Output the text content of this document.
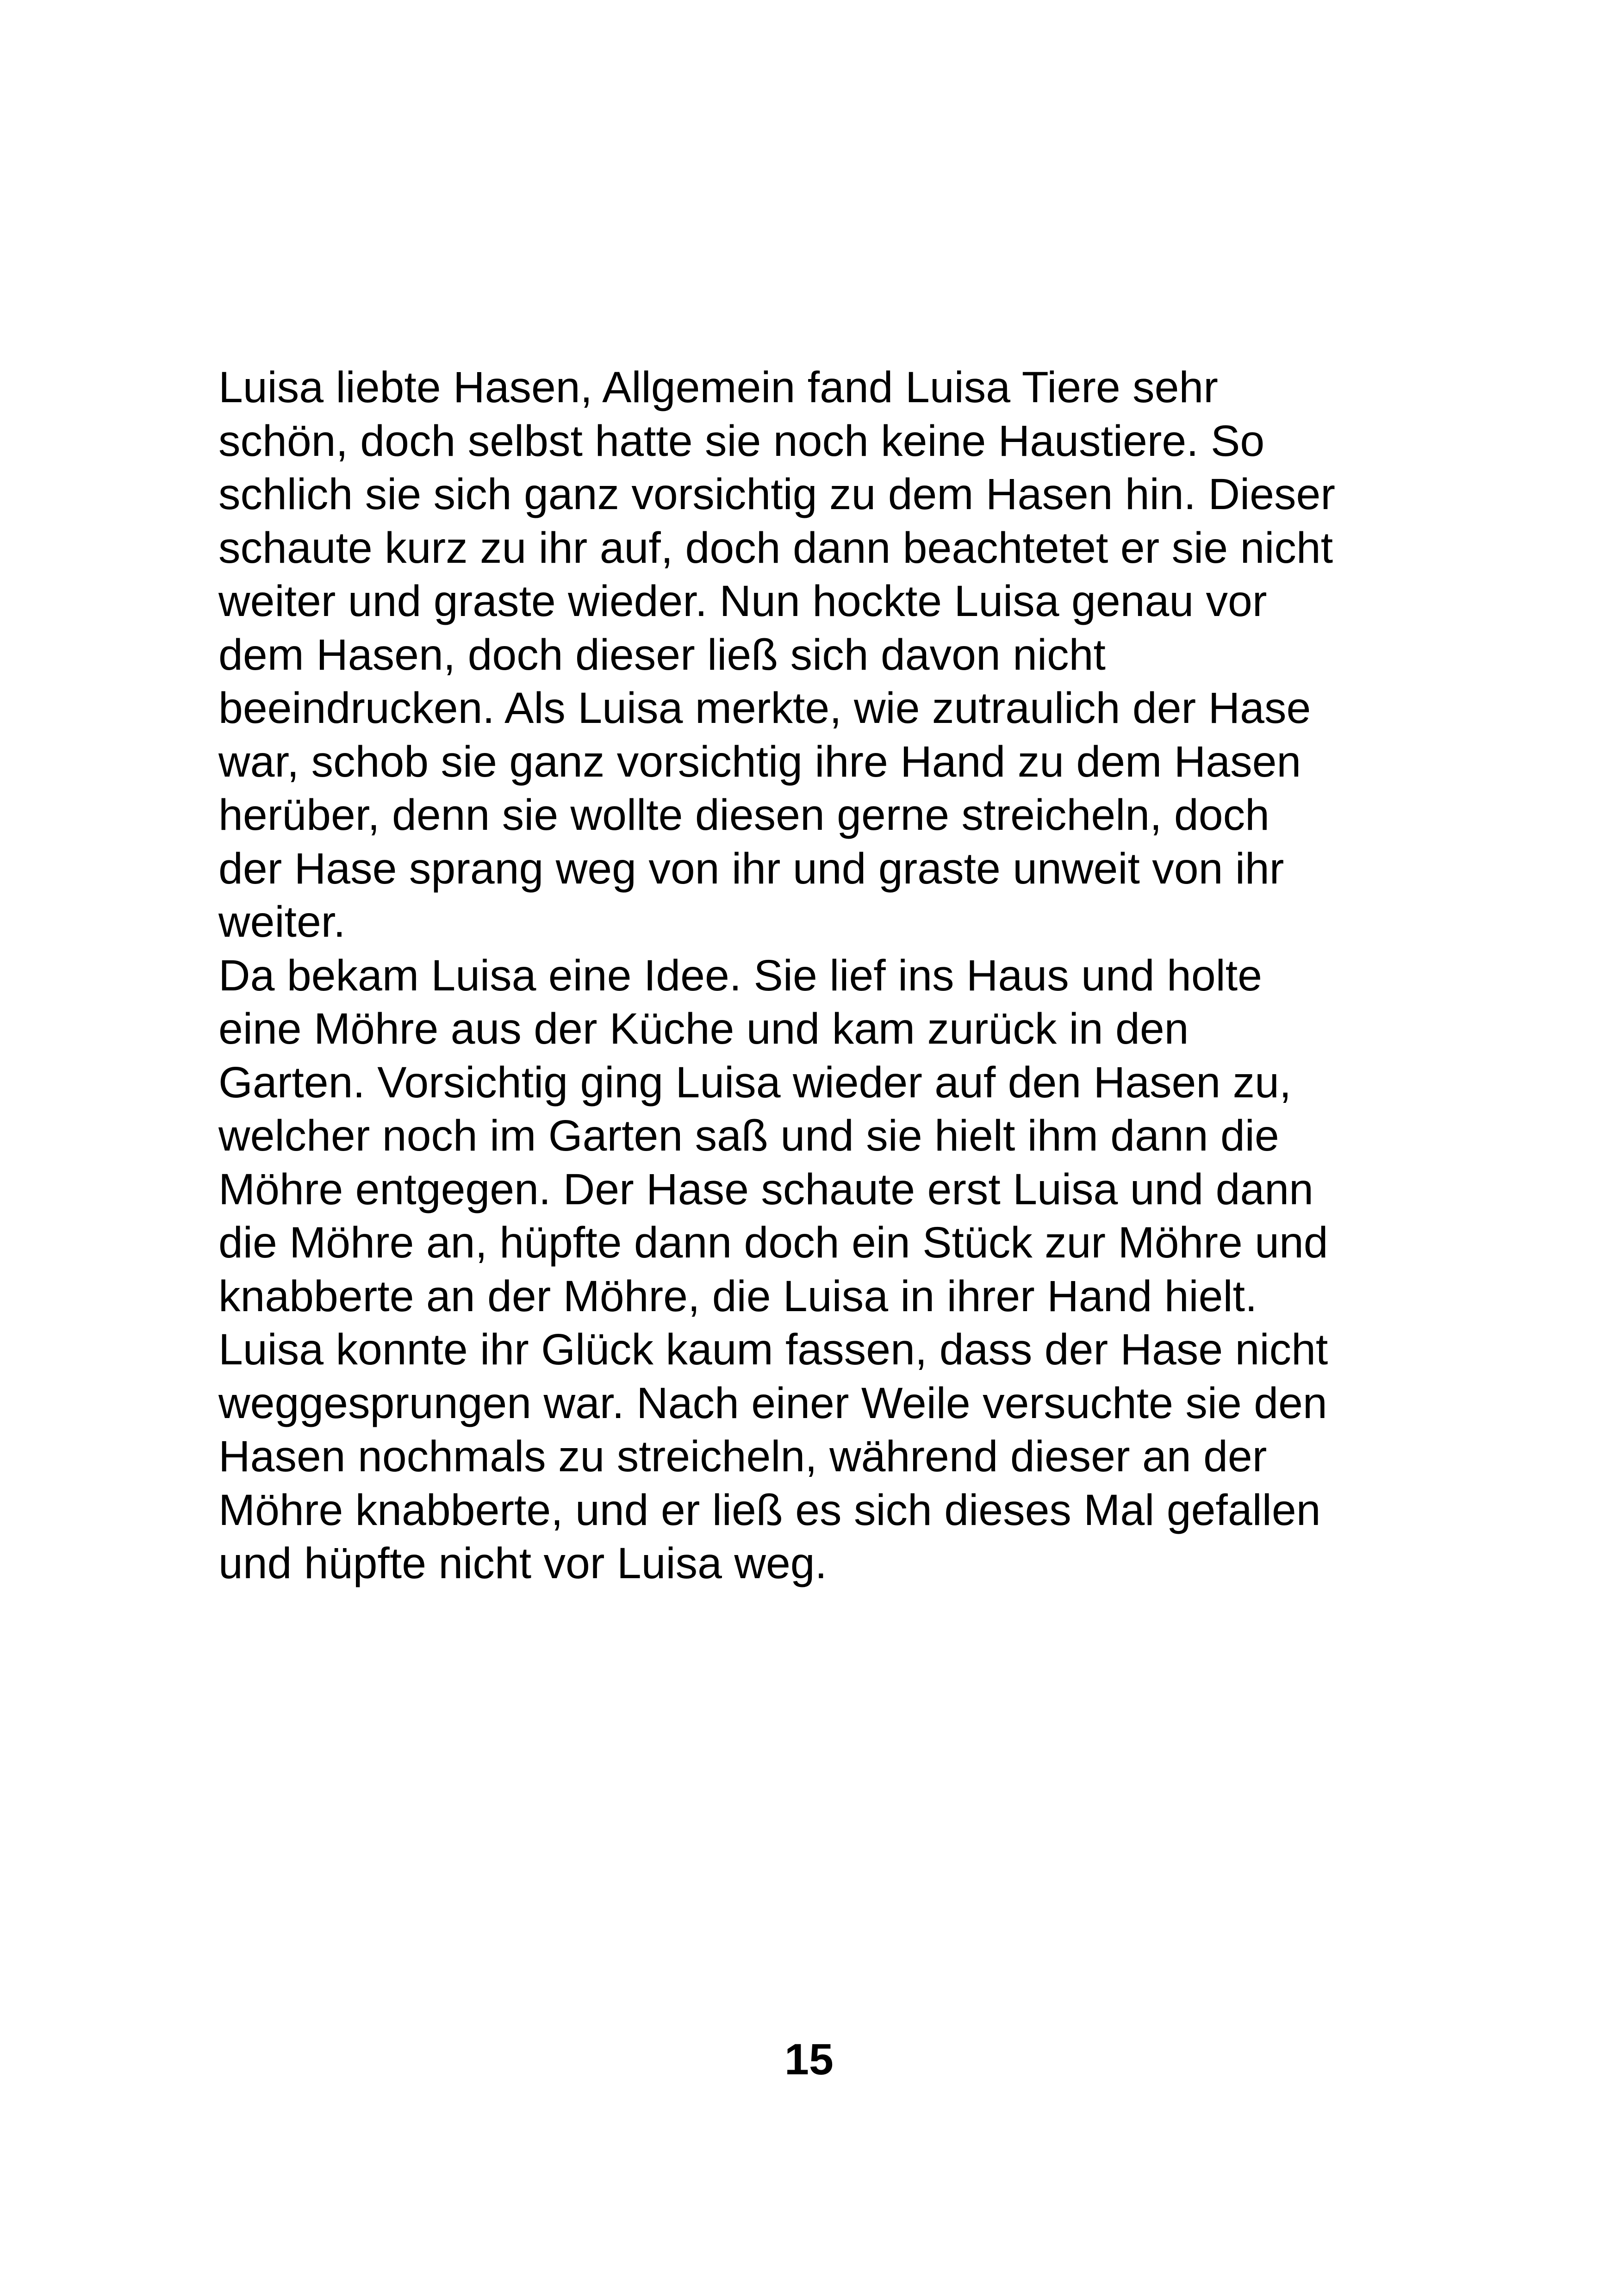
Luisa liebte Hasen, Allgemein fand Luisa Tiere sehr
schön, doch selbst hatte sie noch keine Haustiere. So
schlich sie sich ganz vorsichtig zu dem Hasen hin. Dieser
schaute kurz zu ihr auf, doch dann beachtetet er sie nicht
weiter und graste wieder. Nun hockte Luisa genau vor
dem Hasen, doch dieser ließ sich davon nicht
beeindrucken. Als Luisa merkte, wie zutraulich der Hase
war, schob sie ganz vorsichtig ihre Hand zu dem Hasen
herüber, denn sie wollte diesen gerne streicheln, doch
der Hase sprang weg von ihr und graste unweit von ihr
weiter.
Da bekam Luisa eine Idee. Sie lief ins Haus und holte
eine Möhre aus der Küche und kam zurück in den
Garten. Vorsichtig ging Luisa wieder auf den Hasen zu,
welcher noch im Garten saß und sie hielt ihm dann die
Möhre entgegen. Der Hase schaute erst Luisa und dann
die Möhre an, hüpfte dann doch ein Stück zur Möhre und
knabberte an der Möhre, die Luisa in ihrer Hand hielt.
Luisa konnte ihr Glück kaum fassen, dass der Hase nicht
weggesprungen war. Nach einer Weile versuchte sie den
Hasen nochmals zu streicheln, während dieser an der
Möhre knabberte, und er ließ es sich dieses Mal gefallen
und hüpfte nicht vor Luisa weg.
15
